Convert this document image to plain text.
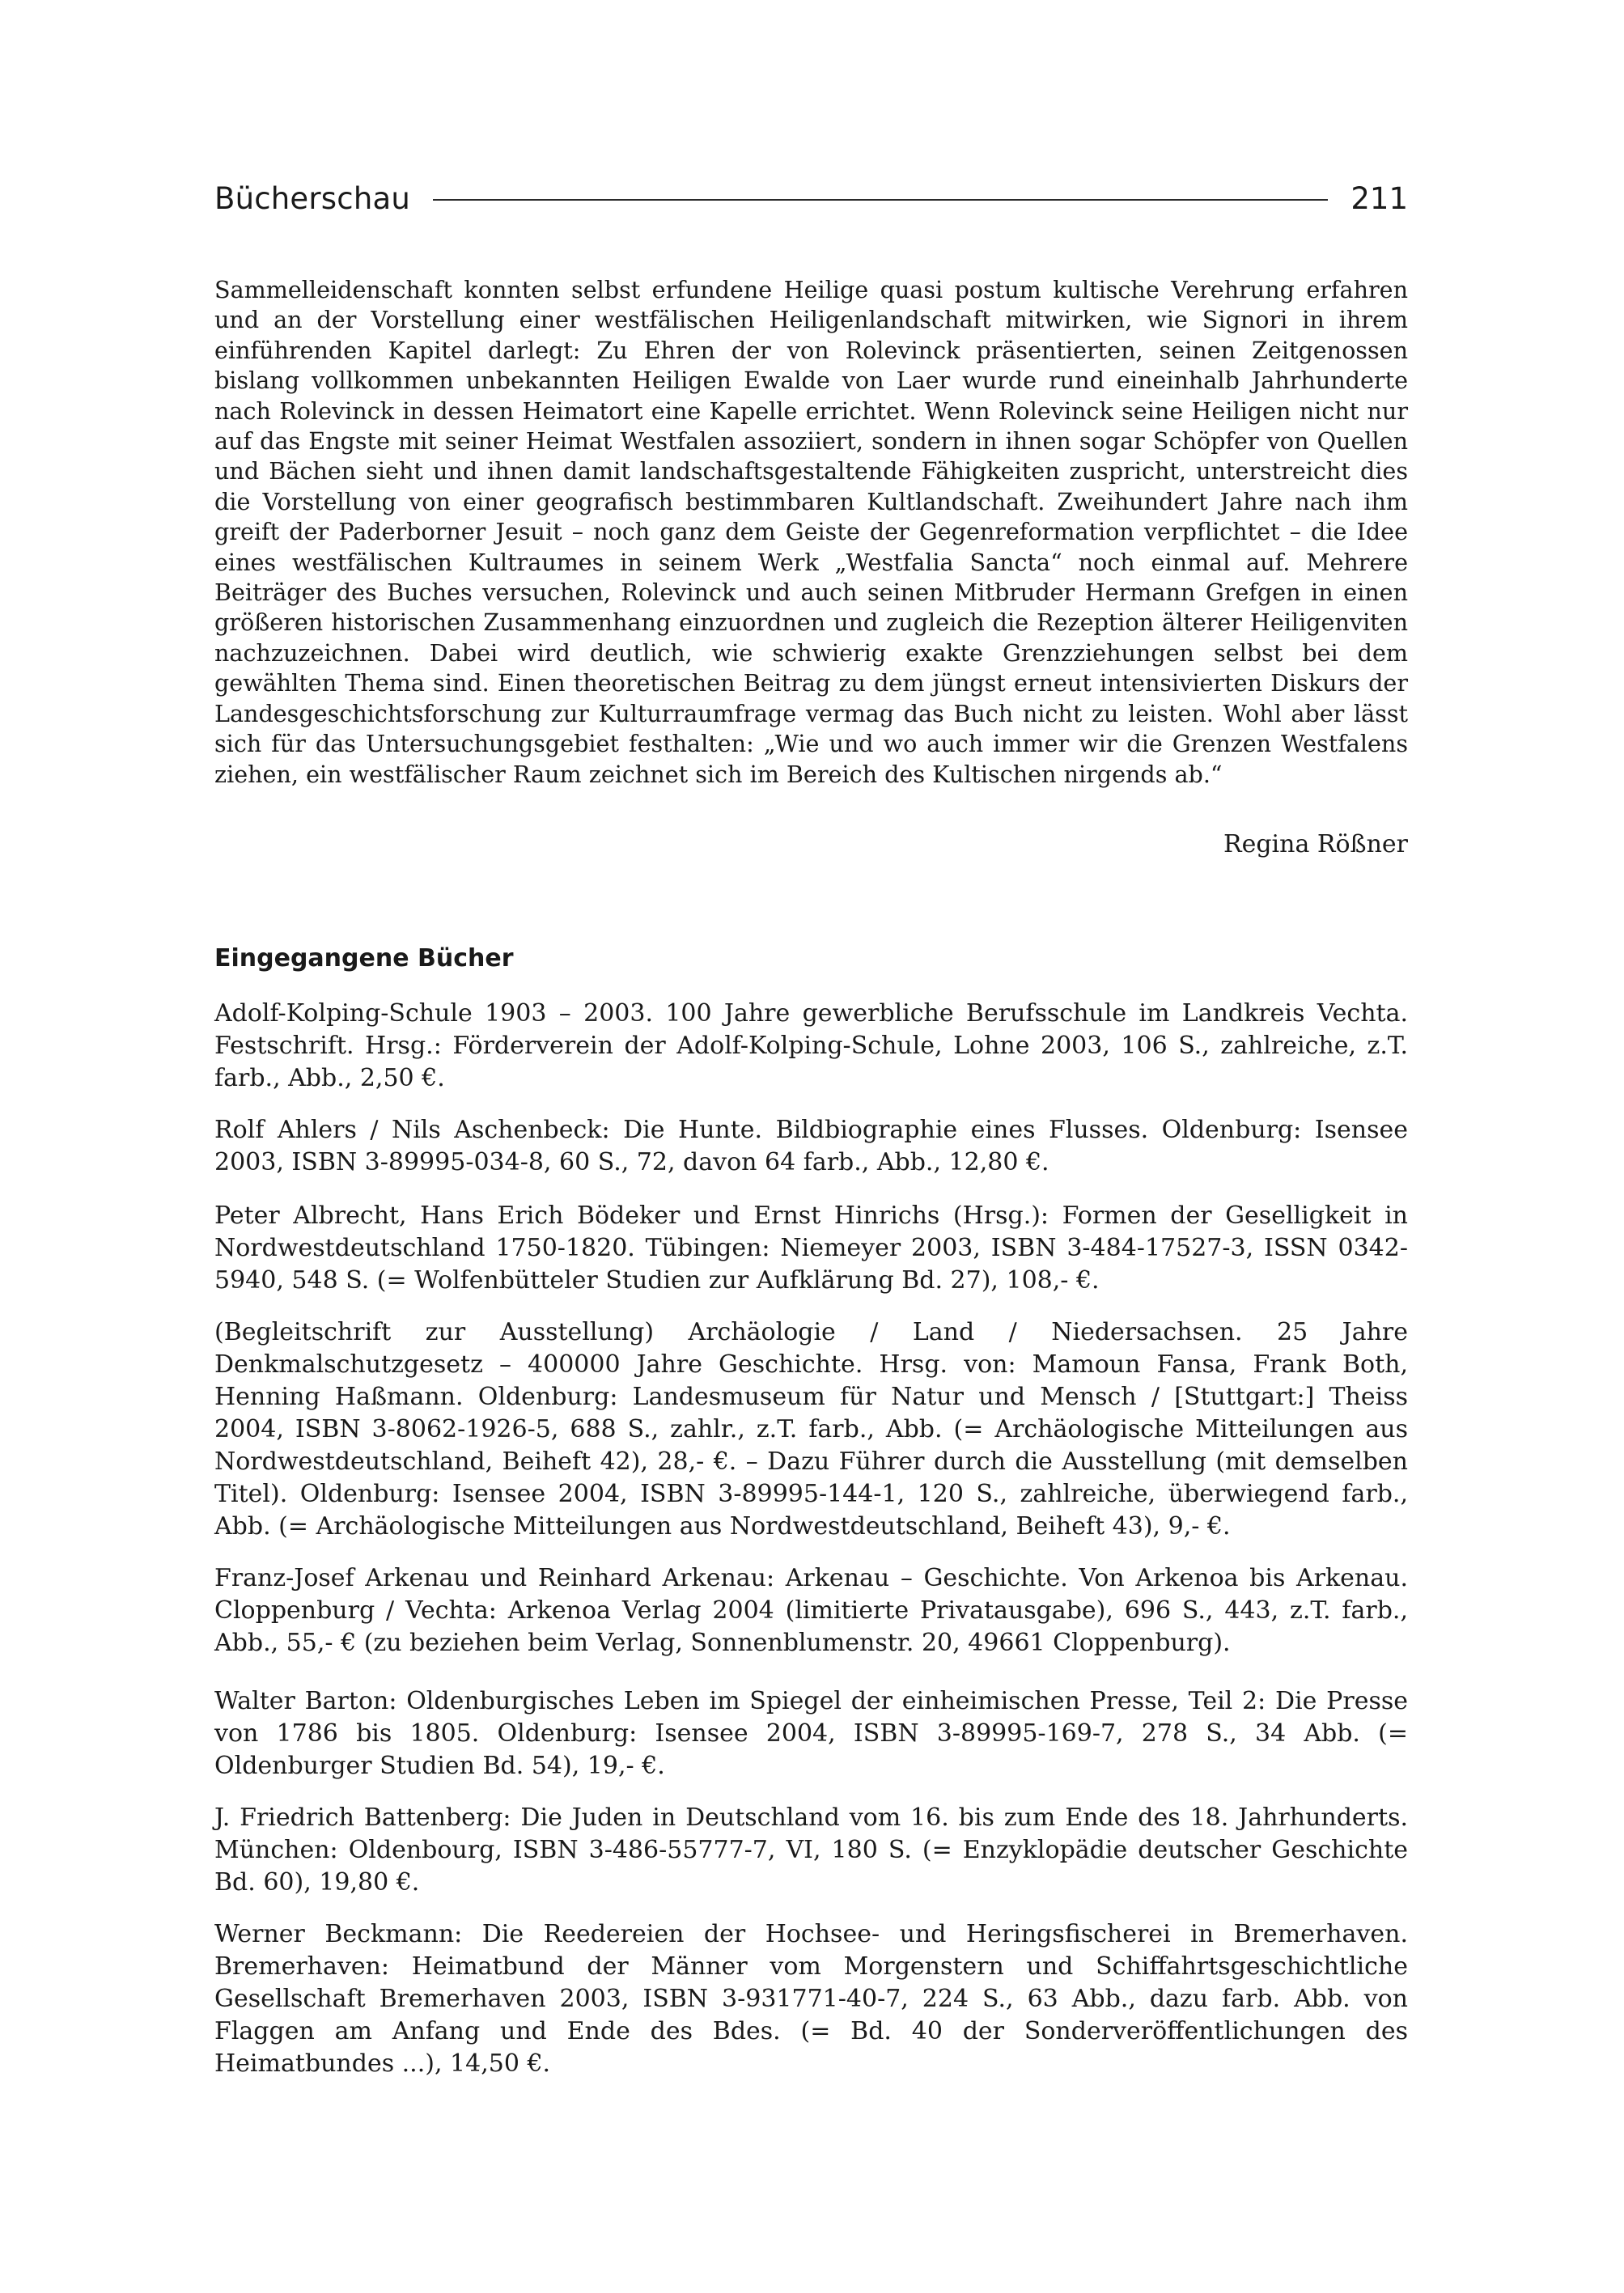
Bücherschau	211

Sammelleidenschaft konnten selbst erfundene Heilige quasi postum kultische Verehrung erfahren und an der Vorstellung einer westfälischen Heiligenlandschaft mitwirken, wie Signori in ihrem einführenden Kapitel darlegt: Zu Ehren der von Rolevinck präsentierten, seinen Zeitgenossen bislang vollkommen unbekannten Heiligen Ewalde von Laer wurde rund eineinhalb Jahrhunderte nach Rolevinck in dessen Heimatort eine Kapelle errichtet. Wenn Rolevinck seine Heiligen nicht nur auf das Engste mit seiner Heimat Westfalen assoziiert, sondern in ihnen sogar Schöpfer von Quellen und Bächen sieht und ihnen damit landschaftsgestaltende Fähigkeiten zuspricht, unterstreicht dies die Vorstellung von einer geografisch bestimmbaren Kultlandschaft. Zweihundert Jahre nach ihm greift der Paderborner Jesuit – noch ganz dem Geiste der Gegenreformation verpflichtet – die Idee eines westfälischen Kultraumes in seinem Werk „Westfalia Sancta“ noch einmal auf. Mehrere Beiträger des Buches versuchen, Rolevinck und auch seinen Mitbruder Hermann Grefgen in einen größeren historischen Zusammenhang einzuordnen und zugleich die Rezeption älterer Heiligenviten nachzuzeichnen. Dabei wird deutlich, wie schwierig exakte Grenzziehungen selbst bei dem gewählten Thema sind. Einen theoretischen Beitrag zu dem jüngst erneut intensivierten Diskurs der Landesgeschichtsforschung zur Kulturraumfrage vermag das Buch nicht zu leisten. Wohl aber lässt sich für das Untersuchungsgebiet festhalten: „Wie und wo auch immer wir die Grenzen Westfalens ziehen, ein westfälischer Raum zeichnet sich im Bereich des Kultischen nirgends ab.“

Regina Rößner
Eingegangene Bücher

Adolf-Kolping-Schule 1903 – 2003. 100 Jahre gewerbliche Berufsschule im Landkreis Vechta. Festschrift. Hrsg.: Förderverein der Adolf-Kolping-Schule, Lohne 2003, 106 S., zahlreiche, z.T. farb., Abb., 2,50 €.

Rolf Ahlers / Nils Aschenbeck: Die Hunte. Bildbiographie eines Flusses. Oldenburg: Isensee 2003, ISBN 3-89995-034-8, 60 S., 72, davon 64 farb., Abb., 12,80 €.

Peter Albrecht, Hans Erich Bödeker und Ernst Hinrichs (Hrsg.): Formen der Geselligkeit in Nordwestdeutschland 1750-1820. Tübingen: Niemeyer 2003, ISBN 3-484-17527-3, ISSN 0342-5940, 548 S. (= Wolfenbütteler Studien zur Aufklärung Bd. 27), 108,- €.

(Begleitschrift zur Ausstellung) Archäologie / Land / Niedersachsen. 25 Jahre Denkmalschutzgesetz – 400000 Jahre Geschichte. Hrsg. von: Mamoun Fansa, Frank Both, Henning Haßmann. Oldenburg: Landesmuseum für Natur und Mensch / [Stuttgart:] Theiss 2004, ISBN 3-8062-1926-5, 688 S., zahlr., z.T. farb., Abb. (= Archäologische Mitteilungen aus Nordwestdeutschland, Beiheft 42), 28,- €. – Dazu Führer durch die Ausstellung (mit demselben Titel). Oldenburg: Isensee 2004, ISBN 3-89995-144-1, 120 S., zahlreiche, überwiegend farb., Abb. (= Archäologische Mitteilungen aus Nordwestdeutschland, Beiheft 43), 9,- €.

Franz-Josef Arkenau und Reinhard Arkenau: Arkenau – Geschichte. Von Arkenoa bis Arkenau. Cloppenburg / Vechta: Arkenoa Verlag 2004 (limitierte Privatausgabe), 696 S., 443, z.T. farb., Abb., 55,- € (zu beziehen beim Verlag, Sonnenblumenstr. 20, 49661 Cloppenburg).

Walter Barton: Oldenburgisches Leben im Spiegel der einheimischen Presse, Teil 2: Die Presse von 1786 bis 1805. Oldenburg: Isensee 2004, ISBN 3-89995-169-7, 278 S., 34 Abb. (= Oldenburger Studien Bd. 54), 19,- €.

J. Friedrich Battenberg: Die Juden in Deutschland vom 16. bis zum Ende des 18. Jahrhunderts. München: Oldenbourg, ISBN 3-486-55777-7, VI, 180 S. (= Enzyklopädie deutscher Geschichte Bd. 60), 19,80 €.

Werner Beckmann: Die Reedereien der Hochsee- und Heringsfischerei in Bremerhaven. Bremerhaven: Heimatbund der Männer vom Morgenstern und Schiffahrtsgeschichtliche Gesellschaft Bremerhaven 2003, ISBN 3-931771-40-7, 224 S., 63 Abb., dazu farb. Abb. von Flaggen am Anfang und Ende des Bdes. (= Bd. 40 der Sonderveröffentlichungen des Heimatbundes ...), 14,50 €.
